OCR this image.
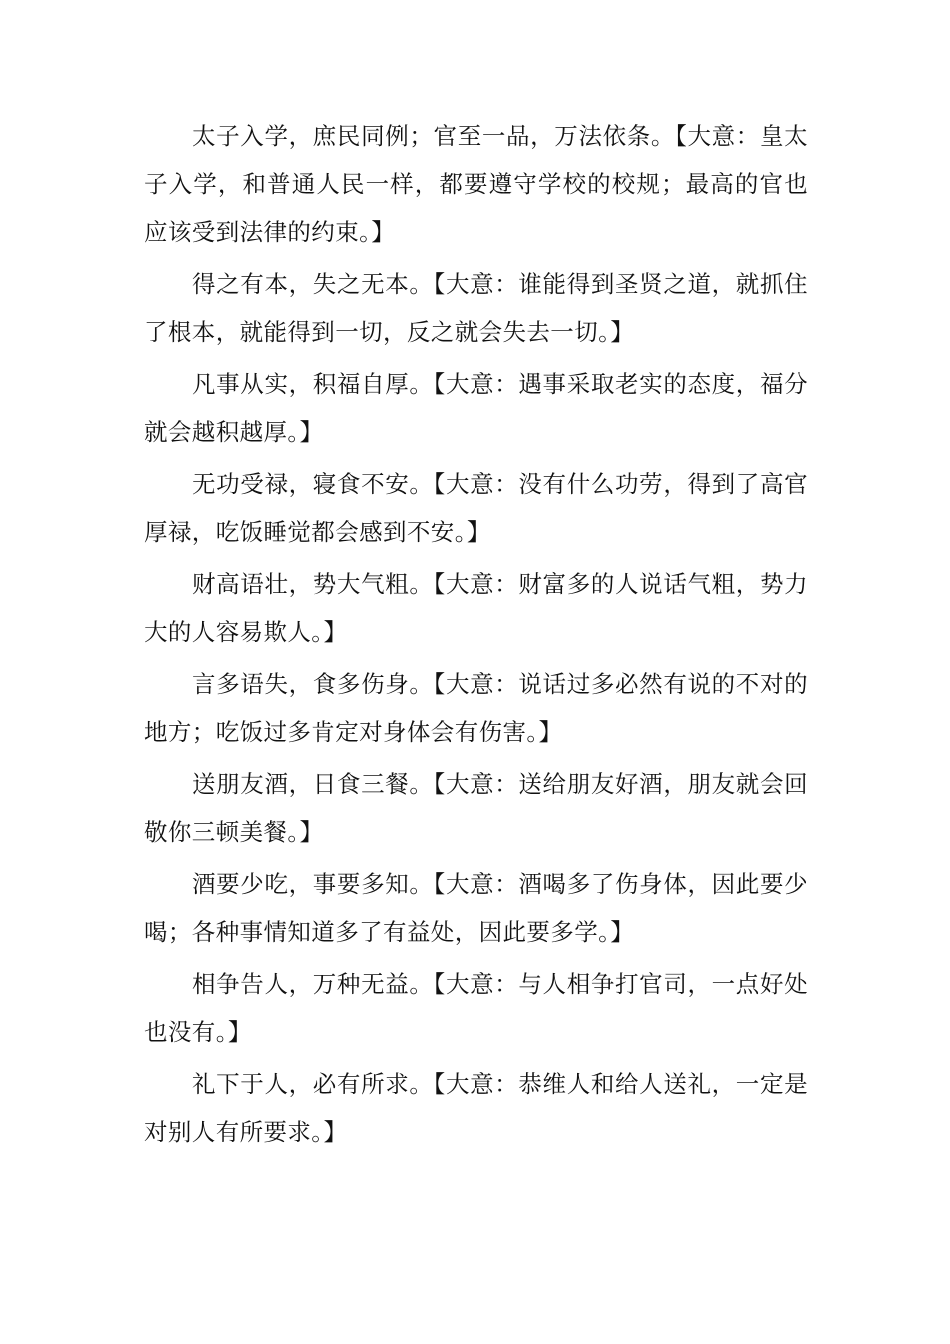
太子入学，庶民同例；官至一品，万法依条。【大意：皇太子入学，和普通人民一样，都要遵守学校的校规；最高的官也应该受到法律的约束。】

得之有本，失之无本。【大意：谁能得到圣贤之道，就抓住了根本，就能得到一切，反之就会失去一切。】

凡事从实，积福自厚。【大意：遇事采取老实的态度，福分就会越积越厚。】

无功受禄，寝食不安。【大意：没有什么功劳，得到了高官厚禄，吃饭睡觉都会感到不安。】

财高语壮，势大气粗。【大意：财富多的人说话气粗，势力大的人容易欺人。】

言多语失，食多伤身。【大意：说话过多必然有说的不对的地方；吃饭过多肯定对身体会有伤害。】

送朋友酒，日食三餐。【大意：送给朋友好酒，朋友就会回敬你三顿美餐。】

酒要少吃，事要多知。【大意：酒喝多了伤身体，因此要少喝；各种事情知道多了有益处，因此要多学。】

相争告人，万种无益。【大意：与人相争打官司，一点好处也没有。】

礼下于人，必有所求。【大意：恭维人和给人送礼，一定是对别人有所要求。】
